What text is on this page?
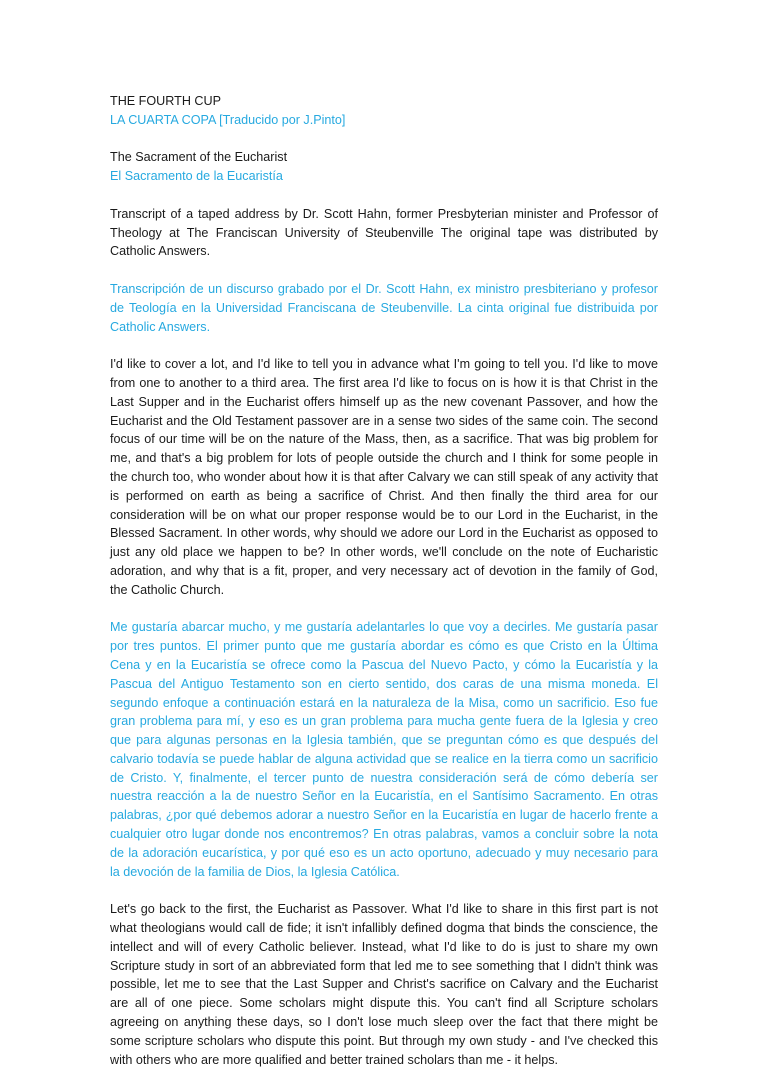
THE FOURTH CUP
LA CUARTA COPA [Traducido por J.Pinto]
The Sacrament of the Eucharist
El Sacramento de la Eucaristía

Transcript of a taped address by Dr. Scott Hahn, former Presbyterian minister and Professor of Theology at The Franciscan University of Steubenville The original tape was distributed by Catholic Answers.

Transcripción de un discurso grabado por el Dr. Scott Hahn, ex ministro presbiteriano y profesor de Teología en la Universidad Franciscana de Steubenville. La cinta original fue distribuida por Catholic Answers.

I'd like to cover a lot, and I'd like to tell you in advance what I'm going to tell you. I'd like to move from one to another to a third area. The first area I'd like to focus on is how it is that Christ in the Last Supper and in the Eucharist offers himself up as the new covenant Passover, and how the Eucharist and the Old Testament passover are in a sense two sides of the same coin. The second focus of our time will be on the nature of the Mass, then, as a sacrifice. That was big problem for me, and that's a big problem for lots of people outside the church and I think for some people in the church too, who wonder about how it is that after Calvary we can still speak of any activity that is performed on earth as being a sacrifice of Christ. And then finally the third area for our consideration will be on what our proper response would be to our Lord in the Eucharist, in the Blessed Sacrament. In other words, why should we adore our Lord in the Eucharist as opposed to just any old place we happen to be? In other words, we'll conclude on the note of Eucharistic adoration, and why that is a fit, proper, and very necessary act of devotion in the family of God, the Catholic Church.

Me gustaría abarcar mucho, y me gustaría adelantarles lo que voy a decirles. Me gustaría pasar por tres puntos. El primer punto que me gustaría abordar es cómo es que Cristo en la Última Cena y en la Eucaristía se ofrece como la Pascua del Nuevo Pacto, y cómo la Eucaristía y la Pascua del Antiguo Testamento son en cierto sentido, dos caras de una misma moneda. El segundo enfoque a continuación estará en la naturaleza de la Misa, como un sacrificio. Eso fue gran problema para mí, y eso es un gran problema para mucha gente fuera de la Iglesia y creo que para algunas personas en la Iglesia también, que se preguntan cómo es que después del calvario todavía se puede hablar de alguna actividad que se realice en la tierra como un sacrificio de Cristo. Y, finalmente, el tercer punto de nuestra consideración será de cómo debería ser nuestra reacción a la de nuestro Señor en la Eucaristía, en el Santísimo Sacramento. En otras palabras, ¿por qué debemos adorar a nuestro Señor en la Eucaristía en lugar de hacerlo frente a cualquier otro lugar donde nos encontremos? En otras palabras, vamos a concluir sobre la nota de la adoración eucarística, y por qué eso es un acto oportuno, adecuado y muy necesario para la devoción de la familia de Dios, la Iglesia Católica.

Let's go back to the first, the Eucharist as Passover. What I'd like to share in this first part is not what theologians would call de fide; it isn't infallibly defined dogma that binds the conscience, the intellect and will of every Catholic believer. Instead, what I'd like to do is just to share my own Scripture study in sort of an abbreviated form that led me to see something that I didn't think was possible, let me to see that the Last Supper and Christ's sacrifice on Calvary and the Eucharist are all of one piece. Some scholars might dispute this. You can't find all Scripture scholars agreeing on anything these days, so I don't lose much sleep over the fact that there might be some scripture scholars who dispute this point. But through my own study - and I've checked this with others who are more qualified and better trained scholars than me - it helps.
